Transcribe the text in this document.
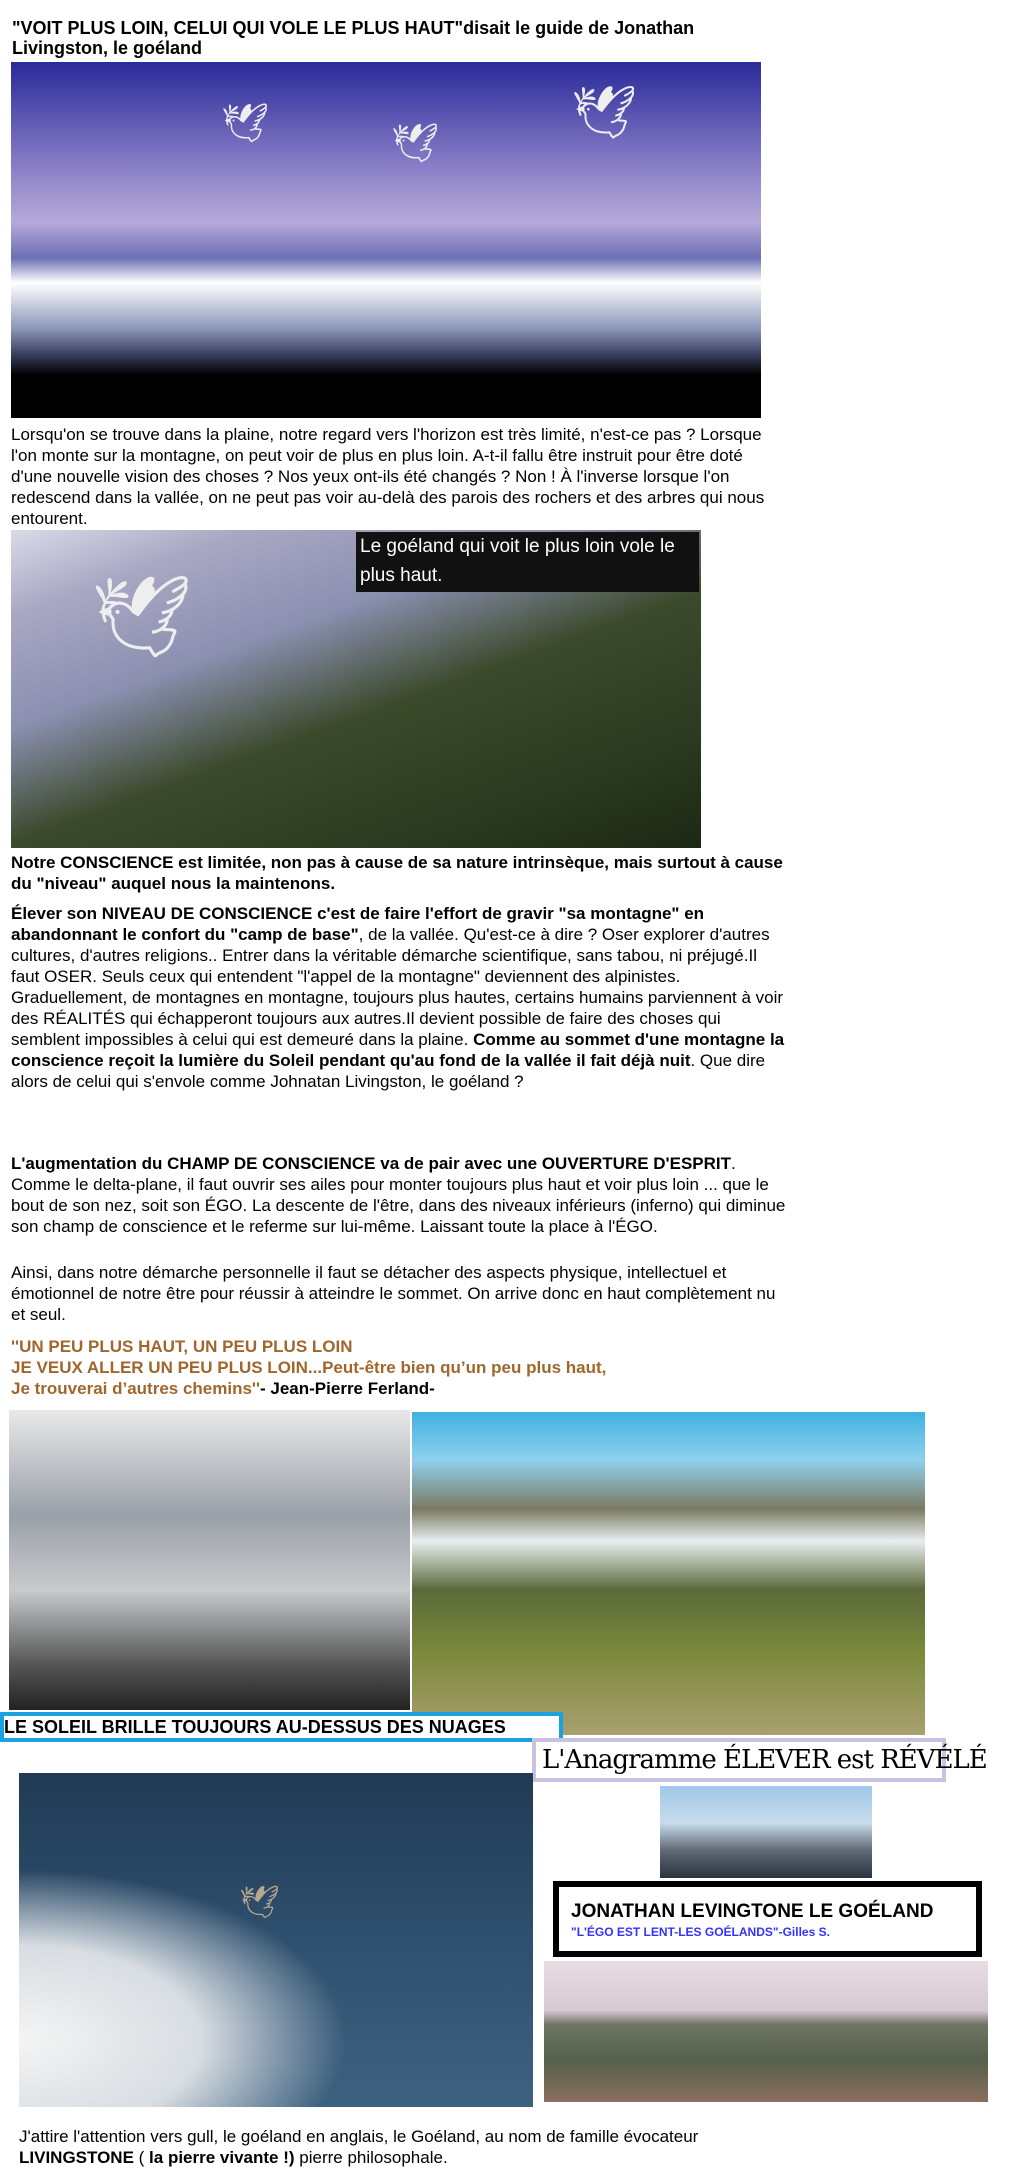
"VOIT PLUS LOIN, CELUI QUI VOLE LE PLUS HAUT"disait le guide de Jonathan Livingston, le goéland
🕊	🕊
🕊
Lorsqu'on se trouve dans la plaine, notre regard vers l'horizon est très limité, n'est-ce pas ? Lorsque l'on monte sur la montagne, on peut voir de plus en plus loin. A-t-il fallu être instruit pour être doté d'une nouvelle vision des choses ? Nos yeux ont-ils été changés ? Non ! À l'inverse lorsque l'on redescend dans la vallée, on ne peut pas voir au-delà des parois des rochers et des arbres qui nous entourent.
🕊
Le goéland qui voit le plus loin vole le plus haut.
Notre CONSCIENCE est limitée, non pas à cause de sa nature intrinsèque, mais surtout à cause du "niveau" auquel nous la maintenons.
Élever son NIVEAU DE CONSCIENCE c'est de faire l'effort de gravir "sa montagne" en abandonnant le confort du "camp de base", de la vallée. Qu'est-ce à dire ? Oser explorer d'autres cultures, d'autres religions.. Entrer dans la véritable démarche scientifique, sans tabou, ni préjugé.Il faut OSER. Seuls ceux qui entendent "l'appel de la montagne" deviennent des alpinistes. Graduellement, de montagnes en montagne, toujours plus hautes, certains humains parviennent à voir des RÉALITÉS qui échapperont toujours aux autres.Il devient possible de faire des choses qui semblent impossibles à celui qui est demeuré dans la plaine. Comme au sommet d'une montagne la conscience reçoit la lumière du Soleil pendant qu'au fond de la vallée il fait déjà nuit. Que dire alors de celui qui s'envole comme Johnatan Livingston, le goéland ?
L'augmentation du CHAMP DE CONSCIENCE va de pair avec une OUVERTURE D'ESPRIT. Comme le delta-plane, il faut ouvrir ses ailes pour monter toujours plus haut et voir plus loin ... que le bout de son nez, soit son ÉGO. La descente de l'être, dans des niveaux inférieurs (inferno) qui diminue son champ de conscience et le referme sur lui-même. Laissant toute la place à l'ÉGO.
Ainsi, dans notre démarche personnelle il faut se détacher des aspects physique, intellectuel et émotionnel de notre être pour réussir à atteindre le sommet. On arrive donc en haut complètement nu et seul.
''UN PEU PLUS HAUT, UN PEU PLUS LOIN
JE VEUX ALLER UN PEU PLUS LOIN...Peut-être bien qu’un peu plus haut,
Je trouverai d’autres chemins''- Jean-Pierre Ferland-
LE SOLEIL BRILLE TOUJOURS AU-DESSUS DES NUAGES
L'Anagramme ÉLEVER est RÉVÉLÉ
🕊	JONATHAN LEVINGTONE LE GOÉLAND
"L'ÉGO EST LENT-LES GOÉLANDS"-Gilles S.
J'attire l'attention vers gull, le goéland en anglais, le Goéland, au nom de famille évocateur LIVINGSTONE ( la pierre vivante !) pierre philosophale.
